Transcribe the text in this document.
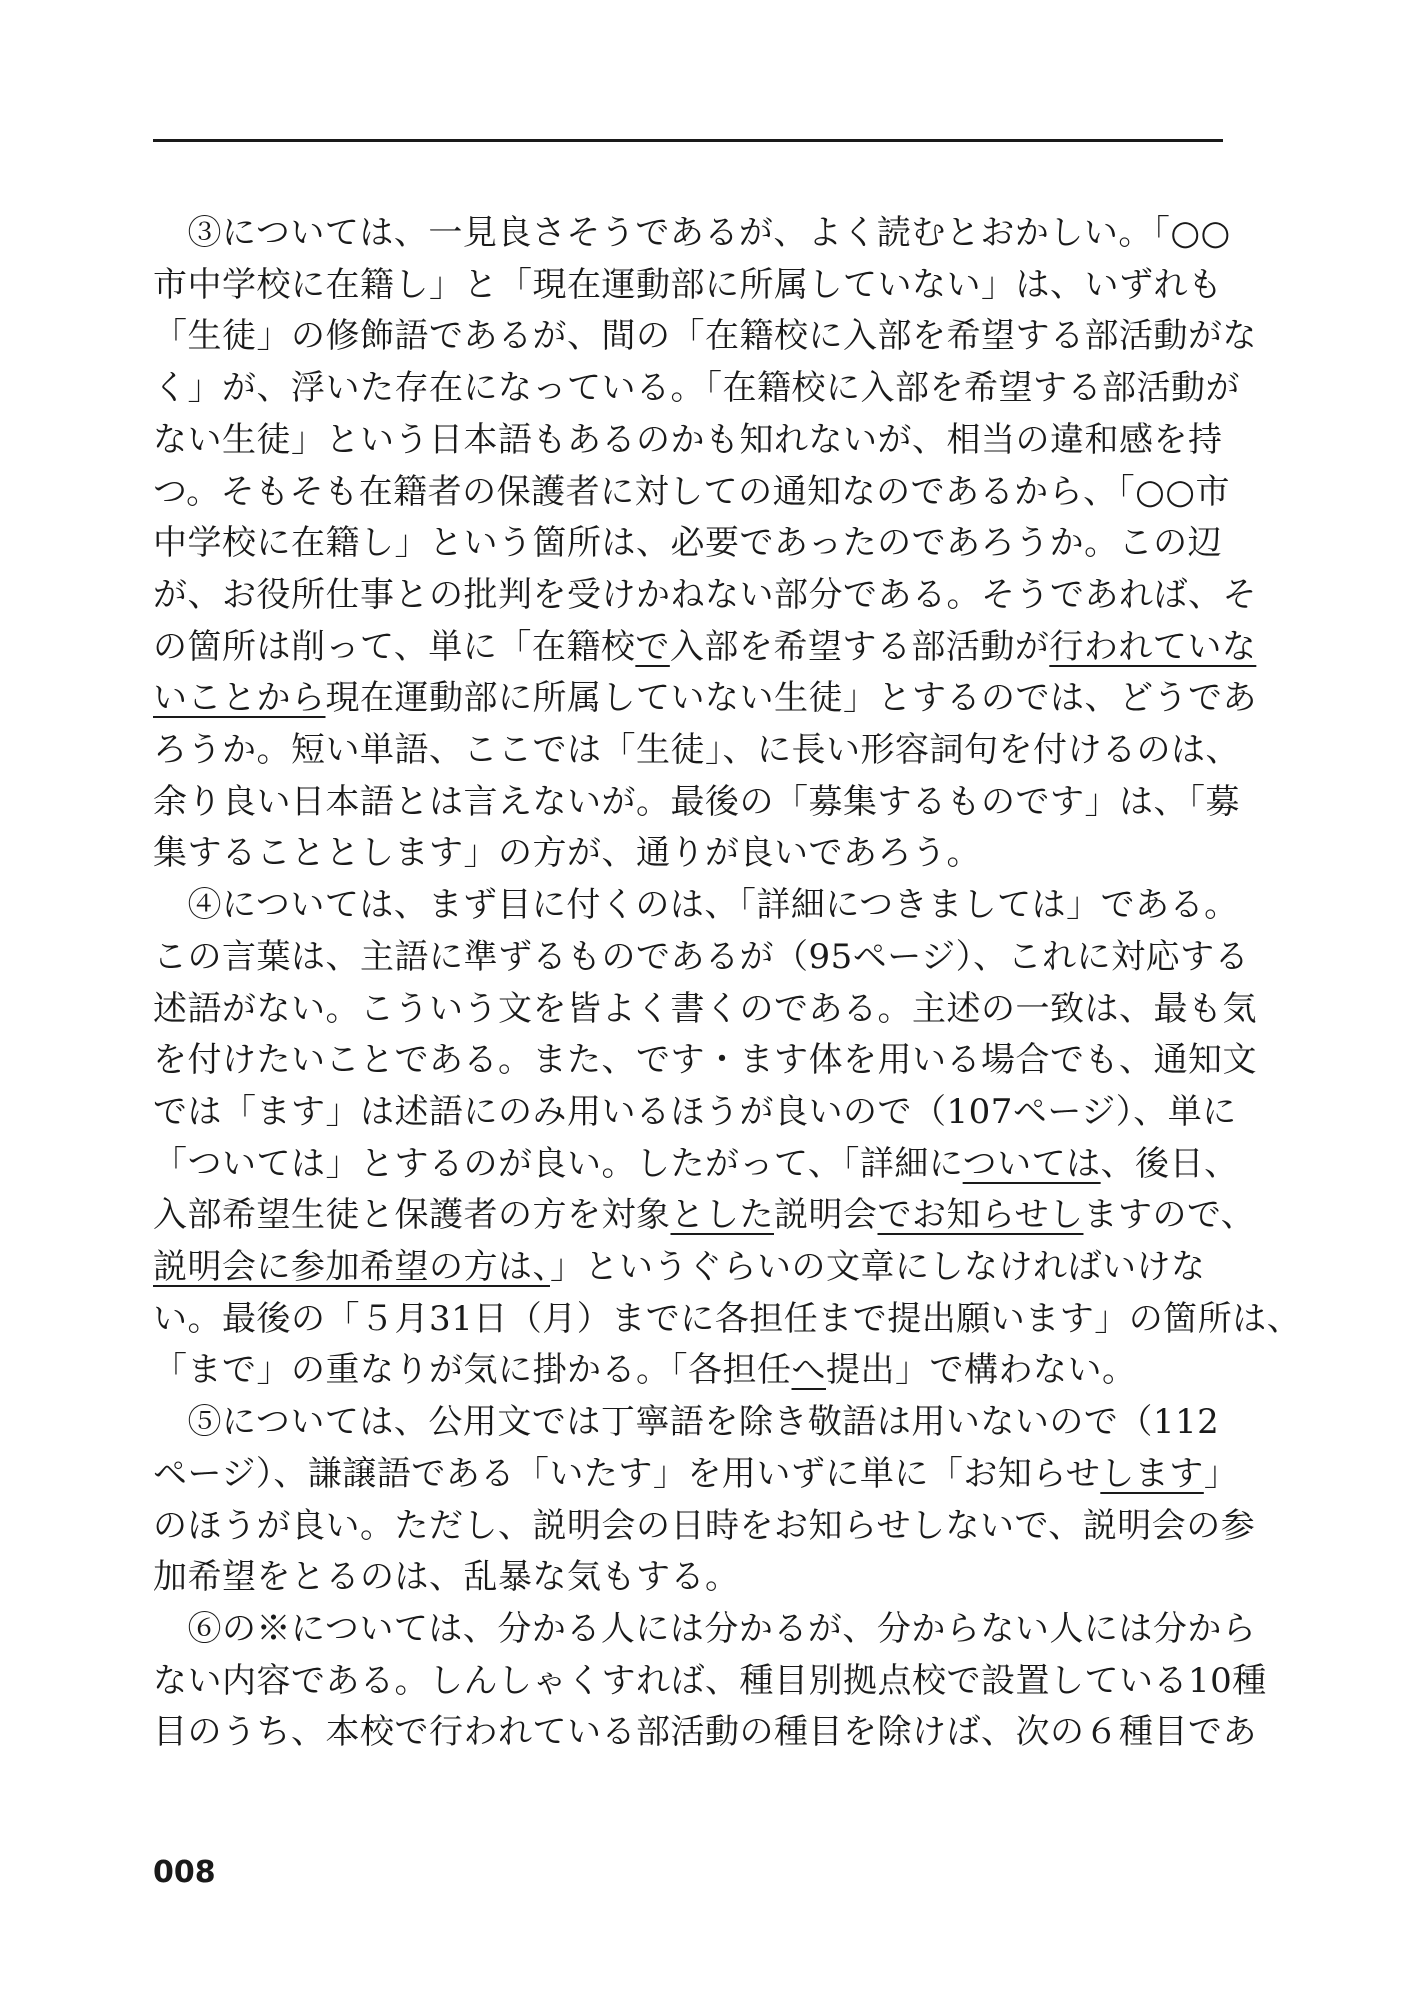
　③については、一見良さそうであるが、よく読むとおかしい。「○○
市中学校に在籍し」と「現在運動部に所属していない」は、いずれも
「生徒」の修飾語であるが、間の「在籍校に入部を希望する部活動がな
く」が、浮いた存在になっている。「在籍校に入部を希望する部活動が
ない生徒」という日本語もあるのかも知れないが、相当の違和感を持
つ。そもそも在籍者の保護者に対しての通知なのであるから、「○○市
中学校に在籍し」という箇所は、必要であったのであろうか。この辺
が、お役所仕事との批判を受けかねない部分である。そうであれば、そ
の箇所は削って、単に「在籍校で入部を希望する部活動が行われていな
いことから現在運動部に所属していない生徒」とするのでは、どうであ
ろうか。短い単語、ここでは「生徒」、に長い形容詞句を付けるのは、
余り良い日本語とは言えないが。最後の「募集するものです」は、「募
集することとします」の方が、通りが良いであろう。
　④については、まず目に付くのは、「詳細につきましては」である。
この言葉は、主語に準ずるものであるが（95ページ）、これに対応する
述語がない。こういう文を皆よく書くのである。主述の一致は、最も気
を付けたいことである。また、です・ます体を用いる場合でも、通知文
では「ます」は述語にのみ用いるほうが良いので（107ページ）、単に
「ついては」とするのが良い。したがって、「詳細については、後日、
入部希望生徒と保護者の方を対象とした説明会でお知らせしますので、
説明会に参加希望の方は、」というぐらいの文章にしなければいけな
い。最後の「５月31日（月）までに各担任まで提出願います」の箇所は、
「まで」の重なりが気に掛かる。「各担任へ提出」で構わない。
　⑤については、公用文では丁寧語を除き敬語は用いないので（112
ページ）、謙譲語である「いたす」を用いずに単に「お知らせします」
のほうが良い。ただし、説明会の日時をお知らせしないで、説明会の参
加希望をとるのは、乱暴な気もする。
　⑥の※については、分かる人には分かるが、分からない人には分から
ない内容である。しんしゃくすれば、種目別拠点校で設置している10種
目のうち、本校で行われている部活動の種目を除けば、次の６種目であ
008
